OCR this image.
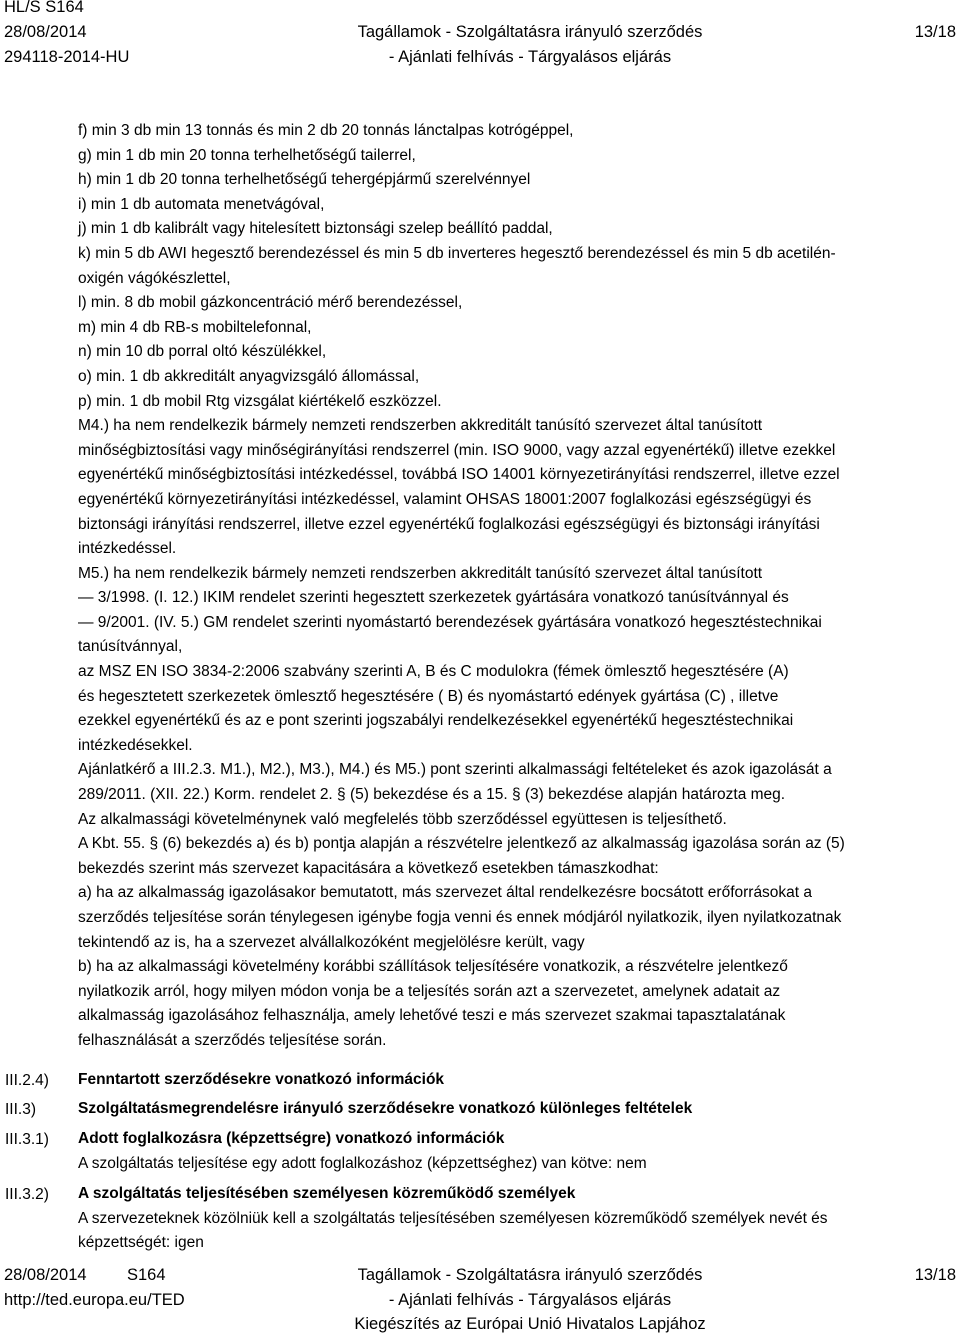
HL/S S164
28/08/2014
294118-2014-HU
Tagállamok - Szolgáltatásra irányuló szerződés
- Ajánlati felhívás - Tárgyalásos eljárás
13/18
f) min 3 db min 13 tonnás és min 2 db 20 tonnás lánctalpas kotrógéppel,
g) min 1 db min 20 tonna terhelhetőségű tailerrel,
h) min 1 db 20 tonna terhelhetőségű tehergépjármű szerelvénnyel
i) min 1 db automata menetvágóval,
j) min 1 db kalibrált vagy hitelesített biztonsági szelep beállító paddal,
k) min 5 db AWI hegesztő berendezéssel és min 5 db inverteres hegesztő berendezéssel és min 5 db acetilén-
oxigén vágókészlettel,
l) min. 8 db mobil gázkoncentráció mérő berendezéssel,
m) min 4 db RB-s mobiltelefonnal,
n) min 10 db porral oltó készülékkel,
o) min. 1 db akkreditált anyagvizsgáló állomással,
p) min. 1 db mobil Rtg vizsgálat kiértékelő eszközzel.
M4.) ha nem rendelkezik bármely nemzeti rendszerben akkreditált tanúsító szervezet által tanúsított
minőségbiztosítási vagy minőségirányítási rendszerrel (min. ISO 9000, vagy azzal egyenértékű) illetve ezekkel
egyenértékű minőségbiztosítási intézkedéssel, továbbá ISO 14001 környezetirányítási rendszerrel, illetve ezzel
egyenértékű környezetirányítási intézkedéssel, valamint OHSAS 18001:2007 foglalkozási egészségügyi és
biztonsági irányítási rendszerrel, illetve ezzel egyenértékű foglalkozási egészségügyi és biztonsági irányítási
intézkedéssel.
M5.) ha nem rendelkezik bármely nemzeti rendszerben akkreditált tanúsító szervezet által tanúsított
— 3/1998. (I. 12.) IKIM rendelet szerinti hegesztett szerkezetek gyártására vonatkozó tanúsítvánnyal és
— 9/2001. (IV. 5.) GM rendelet szerinti nyomástartó berendezések gyártására vonatkozó hegesztéstechnikai
tanúsítvánnyal,
az MSZ EN ISO 3834-2:2006 szabvány szerinti A, B és C modulokra (fémek ömlesztő hegesztésére (A)
és hegesztetett szerkezetek ömlesztő hegesztésére ( B) és nyomástartó edények gyártása (C) , illetve
ezekkel egyenértékű és az e pont szerinti jogszabályi rendelkezésekkel egyenértékű hegesztéstechnikai
intézkedésekkel.
Ajánlatkérő a III.2.3. M1.), M2.), M3.), M4.) és M5.) pont szerinti alkalmassági feltételeket és azok igazolását a
289/2011. (XII. 22.) Korm. rendelet 2. § (5) bekezdése és a 15. § (3) bekezdése alapján határozta meg.
Az alkalmassági követelménynek való megfelelés több szerződéssel együttesen is teljesíthető.
A Kbt. 55. § (6) bekezdés a) és b) pontja alapján a részvételre jelentkező az alkalmasság igazolása során az (5)
bekezdés szerint más szervezet kapacitására a következő esetekben támaszkodhat:
a) ha az alkalmasság igazolásakor bemutatott, más szervezet által rendelkezésre bocsátott erőforrásokat a
szerződés teljesítése során ténylegesen igénybe fogja venni és ennek módjáról nyilatkozik, ilyen nyilatkozatnak
tekintendő az is, ha a szervezet alvállalkozóként megjelölésre került, vagy
b) ha az alkalmassági követelmény korábbi szállítások teljesítésére vonatkozik, a részvételre jelentkező
nyilatkozik arról, hogy milyen módon vonja be a teljesítés során azt a szervezetet, amelynek adatait az
alkalmasság igazolásához felhasználja, amely lehetővé teszi e más szervezet szakmai tapasztalatának
felhasználását a szerződés teljesítése során.
III.2.4) Fenntartott szerződésekre vonatkozó információk
III.3)	Szolgáltatásmegrendelésre irányuló szerződésekre vonatkozó különleges feltételek
III.3.1) Adott foglalkozásra (képzettségre) vonatkozó információk
A szolgáltatás teljesítése egy adott foglalkozáshoz (képzettséghez) van kötve: nem
III.3.2) A szolgáltatás teljesítésében személyesen közreműködő személyek
A szervezeteknek közölniük kell a szolgáltatás teljesítésében személyesen közreműködő személyek nevét és
képzettségét: igen
28/08/2014 S164
http://ted.europa.eu/TED
Tagállamok - Szolgáltatásra irányuló szerződés
- Ajánlati felhívás - Tárgyalásos eljárás
Kiegészítés az Európai Unió Hivatalos Lapjához
13/18
